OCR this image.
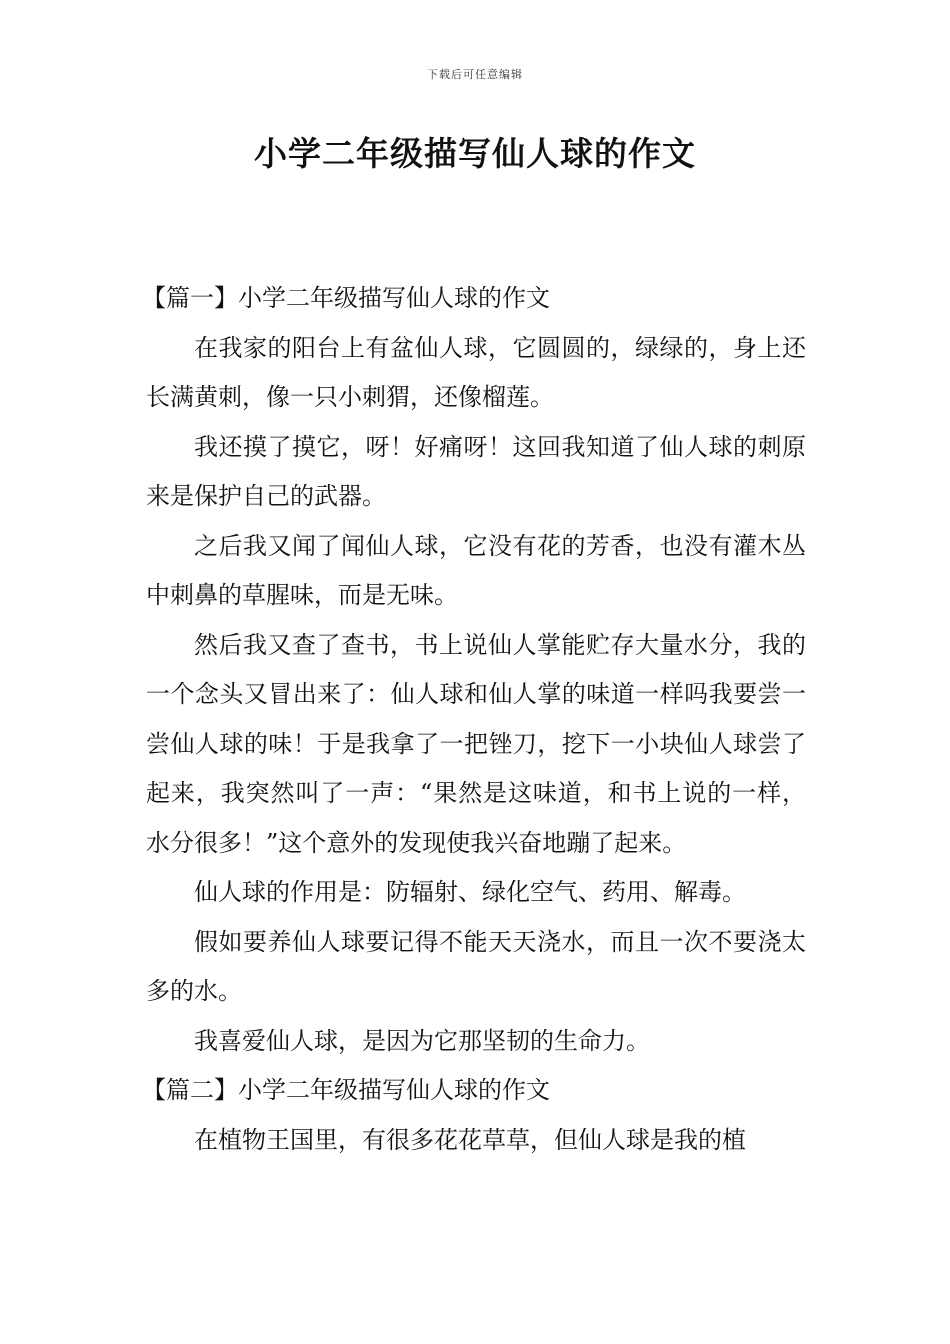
下载后可任意编辑
小学二年级描写仙人球的作文

【篇一】小学二年级描写仙人球的作文

在我家的阳台上有盆仙人球，它圆圆的，绿绿的，身上还长满黄刺，像一只小刺猬，还像榴莲。

我还摸了摸它，呀！好痛呀！这回我知道了仙人球的刺原来是保护自己的武器。

之后我又闻了闻仙人球，它没有花的芳香，也没有灌木丛中刺鼻的草腥味，而是无味。

然后我又查了查书，书上说仙人掌能贮存大量水分，我的一个念头又冒出来了：仙人球和仙人掌的味道一样吗我要尝一尝仙人球的味！于是我拿了一把锉刀，挖下一小块仙人球尝了起来，我突然叫了一声：“果然是这味道，和书上说的一样，水分很多！”这个意外的发现使我兴奋地蹦了起来。

仙人球的作用是：防辐射、绿化空气、药用、解毒。

假如要养仙人球要记得不能天天浇水，而且一次不要浇太多的水。

我喜爱仙人球，是因为它那坚韧的生命力。

【篇二】小学二年级描写仙人球的作文

在植物王国里，有很多花花草草，但仙人球是我的植
